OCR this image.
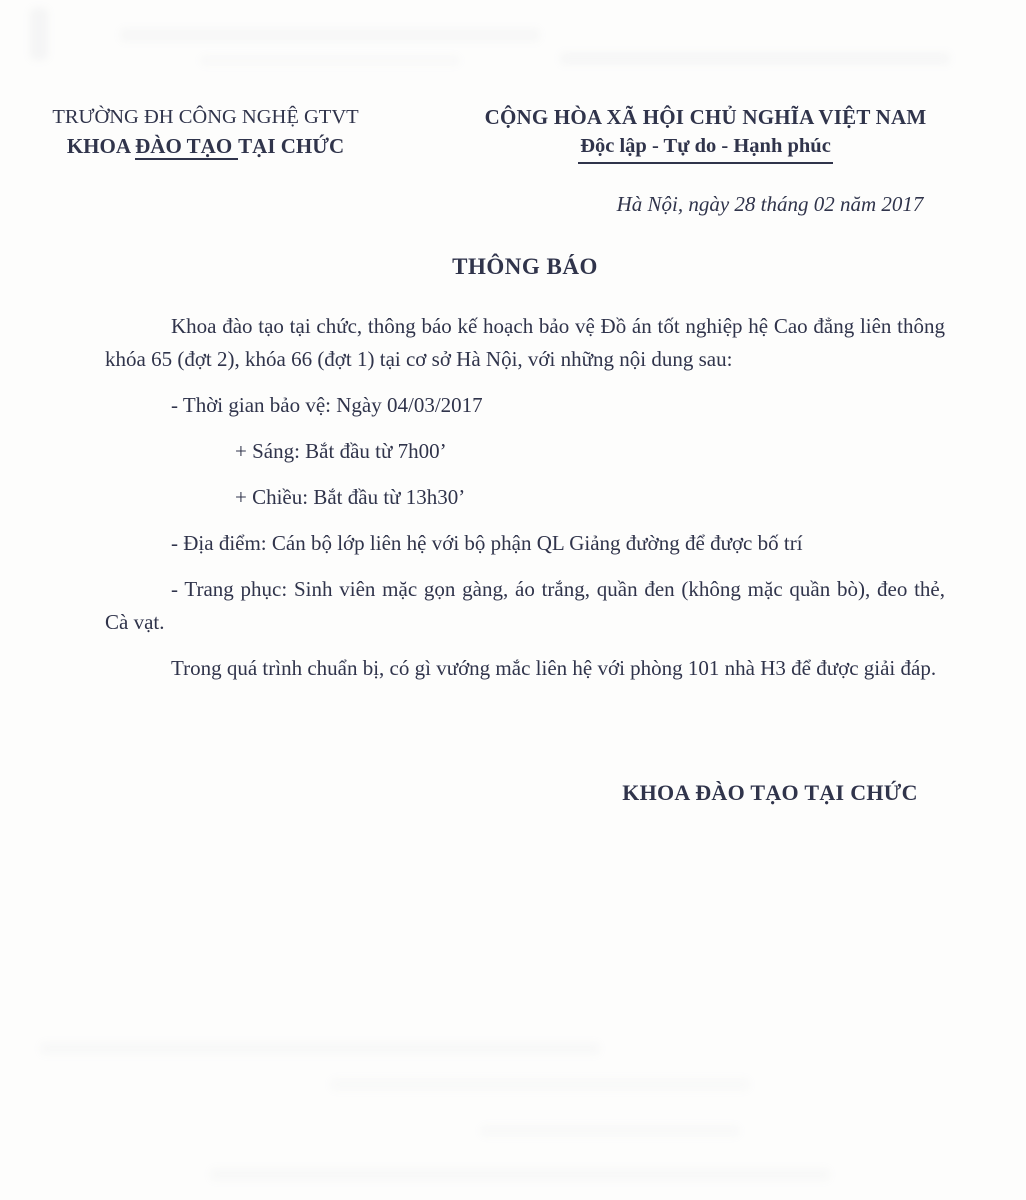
TRƯỜNG ĐH CÔNG NGHỆ GTVT
KHOA ĐÀO TẠO TẠI CHỨC
CỘNG HÒA XÃ HỘI CHỦ NGHĨA VIỆT NAM
Độc lập - Tự do - Hạnh phúc
Hà Nội, ngày 28 tháng 02 năm 2017
THÔNG BÁO

Khoa đào tạo tại chức, thông báo kế hoạch bảo vệ Đồ án tốt nghiệp hệ Cao đẳng liên thông khóa 65 (đợt 2), khóa 66 (đợt 1) tại cơ sở Hà Nội, với những nội dung sau:

- Thời gian bảo vệ: Ngày 04/03/2017

+ Sáng: Bắt đầu từ 7h00’

+ Chiều: Bắt đầu từ 13h30’

- Địa điểm: Cán bộ lớp liên hệ với bộ phận QL Giảng đường để được bố trí

- Trang phục: Sinh viên mặc gọn gàng, áo trắng, quần đen (không mặc quần bò), đeo thẻ, Cà vạt.

Trong quá trình chuẩn bị, có gì vướng mắc liên hệ với phòng 101 nhà H3 để được giải đáp.

KHOA ĐÀO TẠO TẠI CHỨC
